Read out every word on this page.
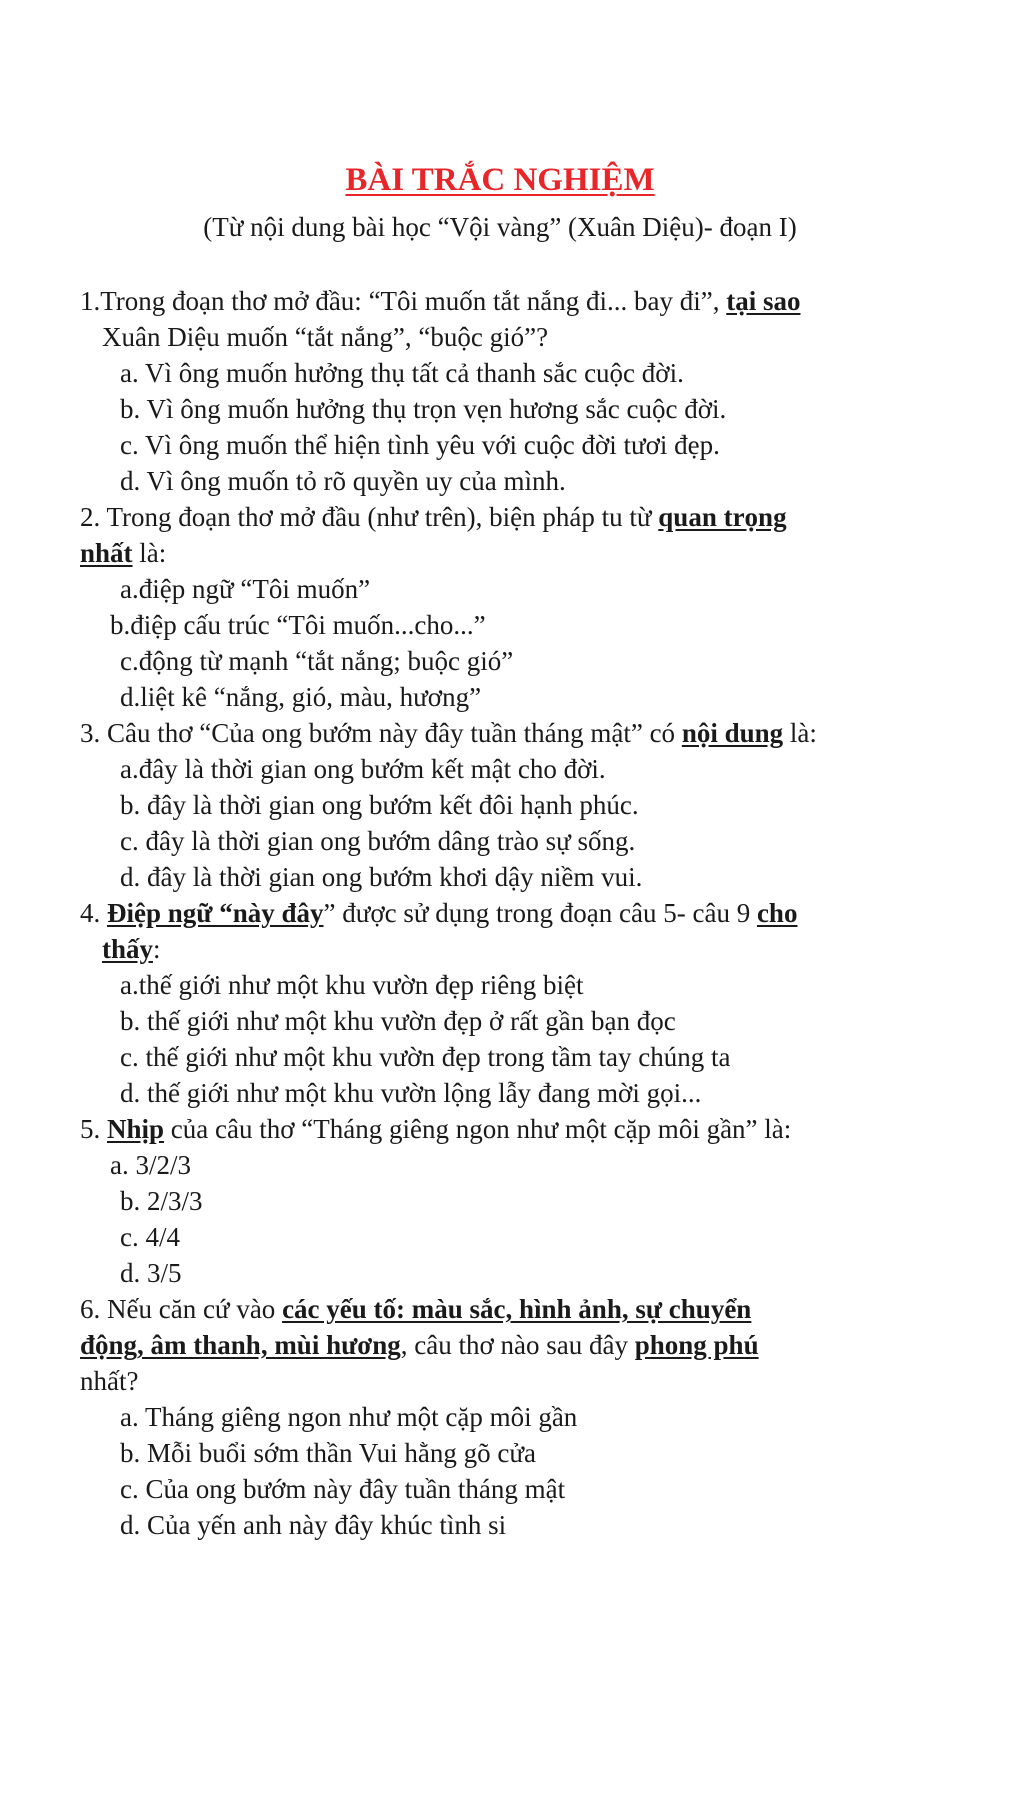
BÀI TRẮC NGHIỆM
(Từ nội dung bài học “Vội vàng” (Xuân Diệu)- đoạn I)
1.Trong đoạn thơ mở đầu: “Tôi muốn tắt nắng đi... bay đi”, tại sao
Xuân Diệu muốn “tắt nắng”, “buộc gió”?
a. Vì ông muốn hưởng thụ tất cả thanh sắc cuộc đời.
b. Vì ông muốn hưởng thụ trọn vẹn hương sắc cuộc đời.
c. Vì ông muốn thể hiện tình yêu với cuộc đời tươi đẹp.
d. Vì ông muốn tỏ rõ quyền uy của mình.
2. Trong đoạn thơ mở đầu (như trên), biện pháp tu từ quan trọng
nhất là:
a.điệp ngữ “Tôi muốn”
b.điệp cấu trúc “Tôi muốn...cho...”
c.động từ mạnh “tắt nắng; buộc gió”
d.liệt kê “nắng, gió, màu, hương”
3. Câu thơ “Của ong bướm này đây tuần tháng mật” có nội dung là:
a.đây là thời gian ong bướm kết mật cho đời.
b. đây là thời gian ong bướm kết đôi hạnh phúc.
c. đây là thời gian ong bướm dâng trào sự sống.
d. đây là thời gian ong bướm khơi dậy niềm vui.
4. Điệp ngữ “này đây” được sử dụng trong đoạn câu 5- câu 9 cho
thấy:
a.thế giới như một khu vườn đẹp riêng biệt
b. thế giới như một khu vườn đẹp ở rất gần bạn đọc
c. thế giới như một khu vườn đẹp trong tầm tay chúng ta
d. thế giới như một khu vườn lộng lẫy đang mời gọi...
5. Nhịp của câu thơ “Tháng giêng ngon như một cặp môi gần” là:
a. 3/2/3
b. 2/3/3
c. 4/4
d. 3/5
6. Nếu căn cứ vào các yếu tố: màu sắc, hình ảnh, sự chuyển
động, âm thanh, mùi hương, câu thơ nào sau đây phong phú
nhất?
a. Tháng giêng ngon như một cặp môi gần
b. Mỗi buổi sớm thần Vui hằng gõ cửa
c. Của ong bướm này đây tuần tháng mật
d. Của yến anh này đây khúc tình si
